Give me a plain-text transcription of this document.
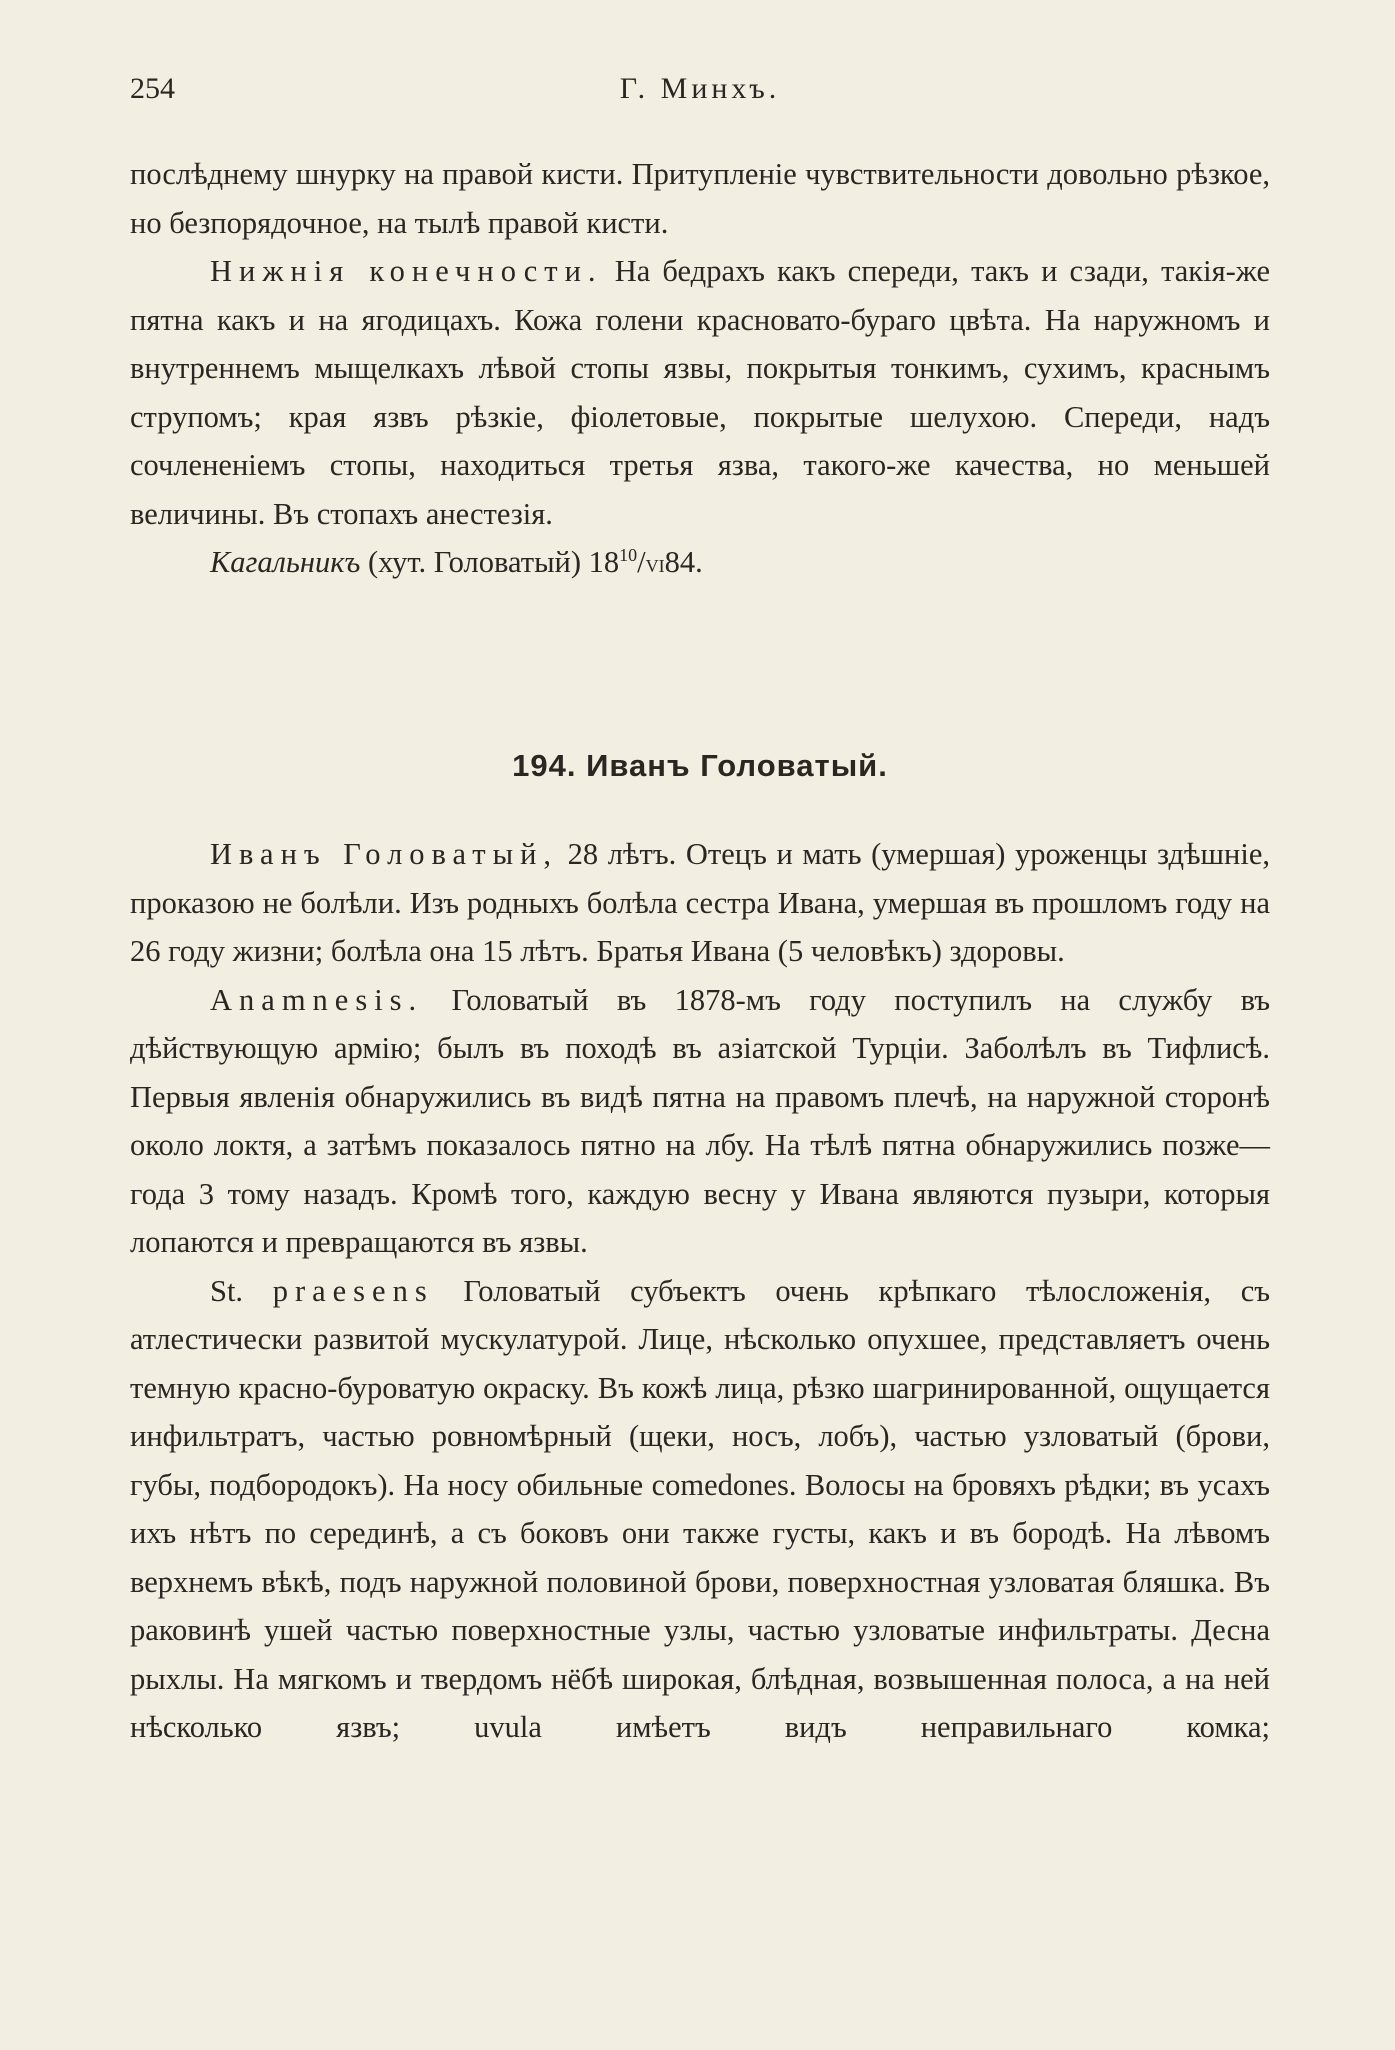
254	Г. Минхъ.

послѣднему шнурку на правой кисти. Притупленіе чувствительности довольно рѣзкое, но безпорядочное, на тылѣ правой кисти.

Нижнія конечности. На бедрахъ какъ спереди, такъ и сзади, такія-же пятна какъ и на ягодицахъ. Кожа голени красновато-бураго цвѣта. На наружномъ и внутреннемъ мыщелкахъ лѣвой стопы язвы, покрытыя тонкимъ, сухимъ, краснымъ струпомъ; края язвъ рѣзкіе, фіолетовые, покрытые шелухою. Спереди, надъ сочлененіемъ стопы, находиться третья язва, такого-же качества, но меньшей величины. Въ стопахъ анестезія.

Кагальникъ (хут. Головатый) $18^{10}/VI84$.

194. Иванъ Головатый.

Иванъ Головатый, 28 лѣтъ. Отецъ и мать (умершая) уроженцы здѣшніе, проказою не болѣли. Изъ родныхъ болѣла сестра Ивана, умершая въ прошломъ году на 26 году жизни; болѣла она 15 лѣтъ. Братья Ивана (5 человѣкъ) здоровы.

Anamnesis. Головатый въ 1878-мъ году поступилъ на службу въ дѣйствующую армію; былъ въ походѣ въ азіатской Турціи. Заболѣлъ въ Тифлисѣ. Первыя явленія обнаружились въ видѣ пятна на правомъ плечѣ, на наружной сторонѣ около локтя, а затѣмъ показалось пятно на лбу. На тѣлѣ пятна обнаружились позже—года 3 тому назадъ. Кромѣ того, каждую весну у Ивана являются пузыри, которыя лопаются и превращаются въ язвы.

St. praesens Головатый субъектъ очень крѣпкаго тѣлосложенія, съ атлестически развитой мускулатурой. Лице, нѣсколько опухшее, представляетъ очень темную красно-буроватую окраску. Въ кожѣ лица, рѣзко шагринированной, ощущается инфильтратъ, частью ровномѣрный (щеки, носъ, лобъ), частью узловатый (брови, губы, подбородокъ). На носу обильные comedones. Волосы на бровяхъ рѣдки; въ усахъ ихъ нѣтъ по серединѣ, а съ боковъ они также густы, какъ и въ бородѣ. На лѣвомъ верхнемъ вѣкѣ, подъ наружной половиной брови, поверхностная узловатая бляшка. Въ раковинѣ ушей частью поверхностные узлы, частью узловатые инфильтраты. Десна рыхлы. На мягкомъ и твердомъ нёбѣ широкая, блѣдная, возвышенная полоса, а на ней нѣсколько язвъ; uvula имѣетъ видъ неправильнаго комка;
